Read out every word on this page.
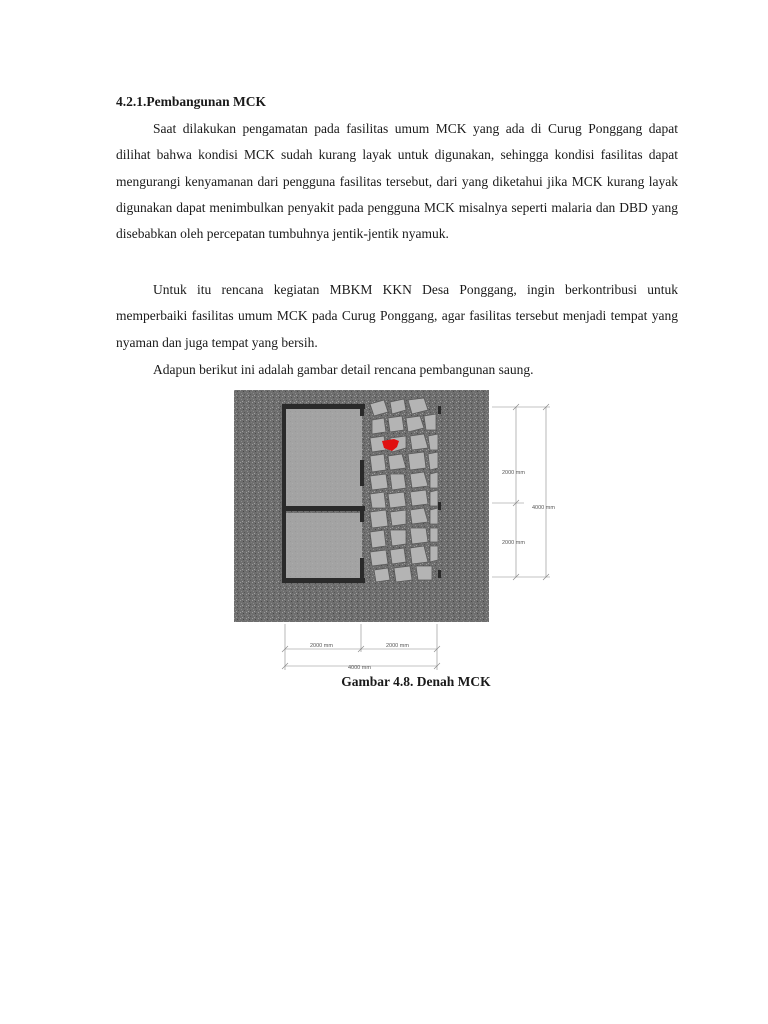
4.2.1.Pembangunan MCK

Saat dilakukan pengamatan pada fasilitas umum MCK yang ada di Curug Ponggang dapat dilihat bahwa kondisi MCK sudah kurang layak untuk digunakan, sehingga kondisi fasilitas dapat mengurangi kenyamanan dari pengguna fasilitas tersebut, dari yang diketahui jika MCK kurang layak digunakan dapat menimbulkan penyakit pada pengguna MCK misalnya seperti malaria dan DBD yang disebabkan oleh percepatan tumbuhnya jentik-jentik nyamuk.

Untuk itu rencana kegiatan MBKM KKN Desa Ponggang, ingin berkontribusi untuk memperbaiki fasilitas umum MCK pada Curug Ponggang, agar fasilitas tersebut menjadi tempat yang nyaman dan juga tempat yang bersih.

Adapun berikut ini adalah gambar detail rencana pembangunan saung.

2000 mm
2000 mm
4000 mm
2000 mm	2000 mm
4000 mm
Gambar 4.8. Denah MCK
